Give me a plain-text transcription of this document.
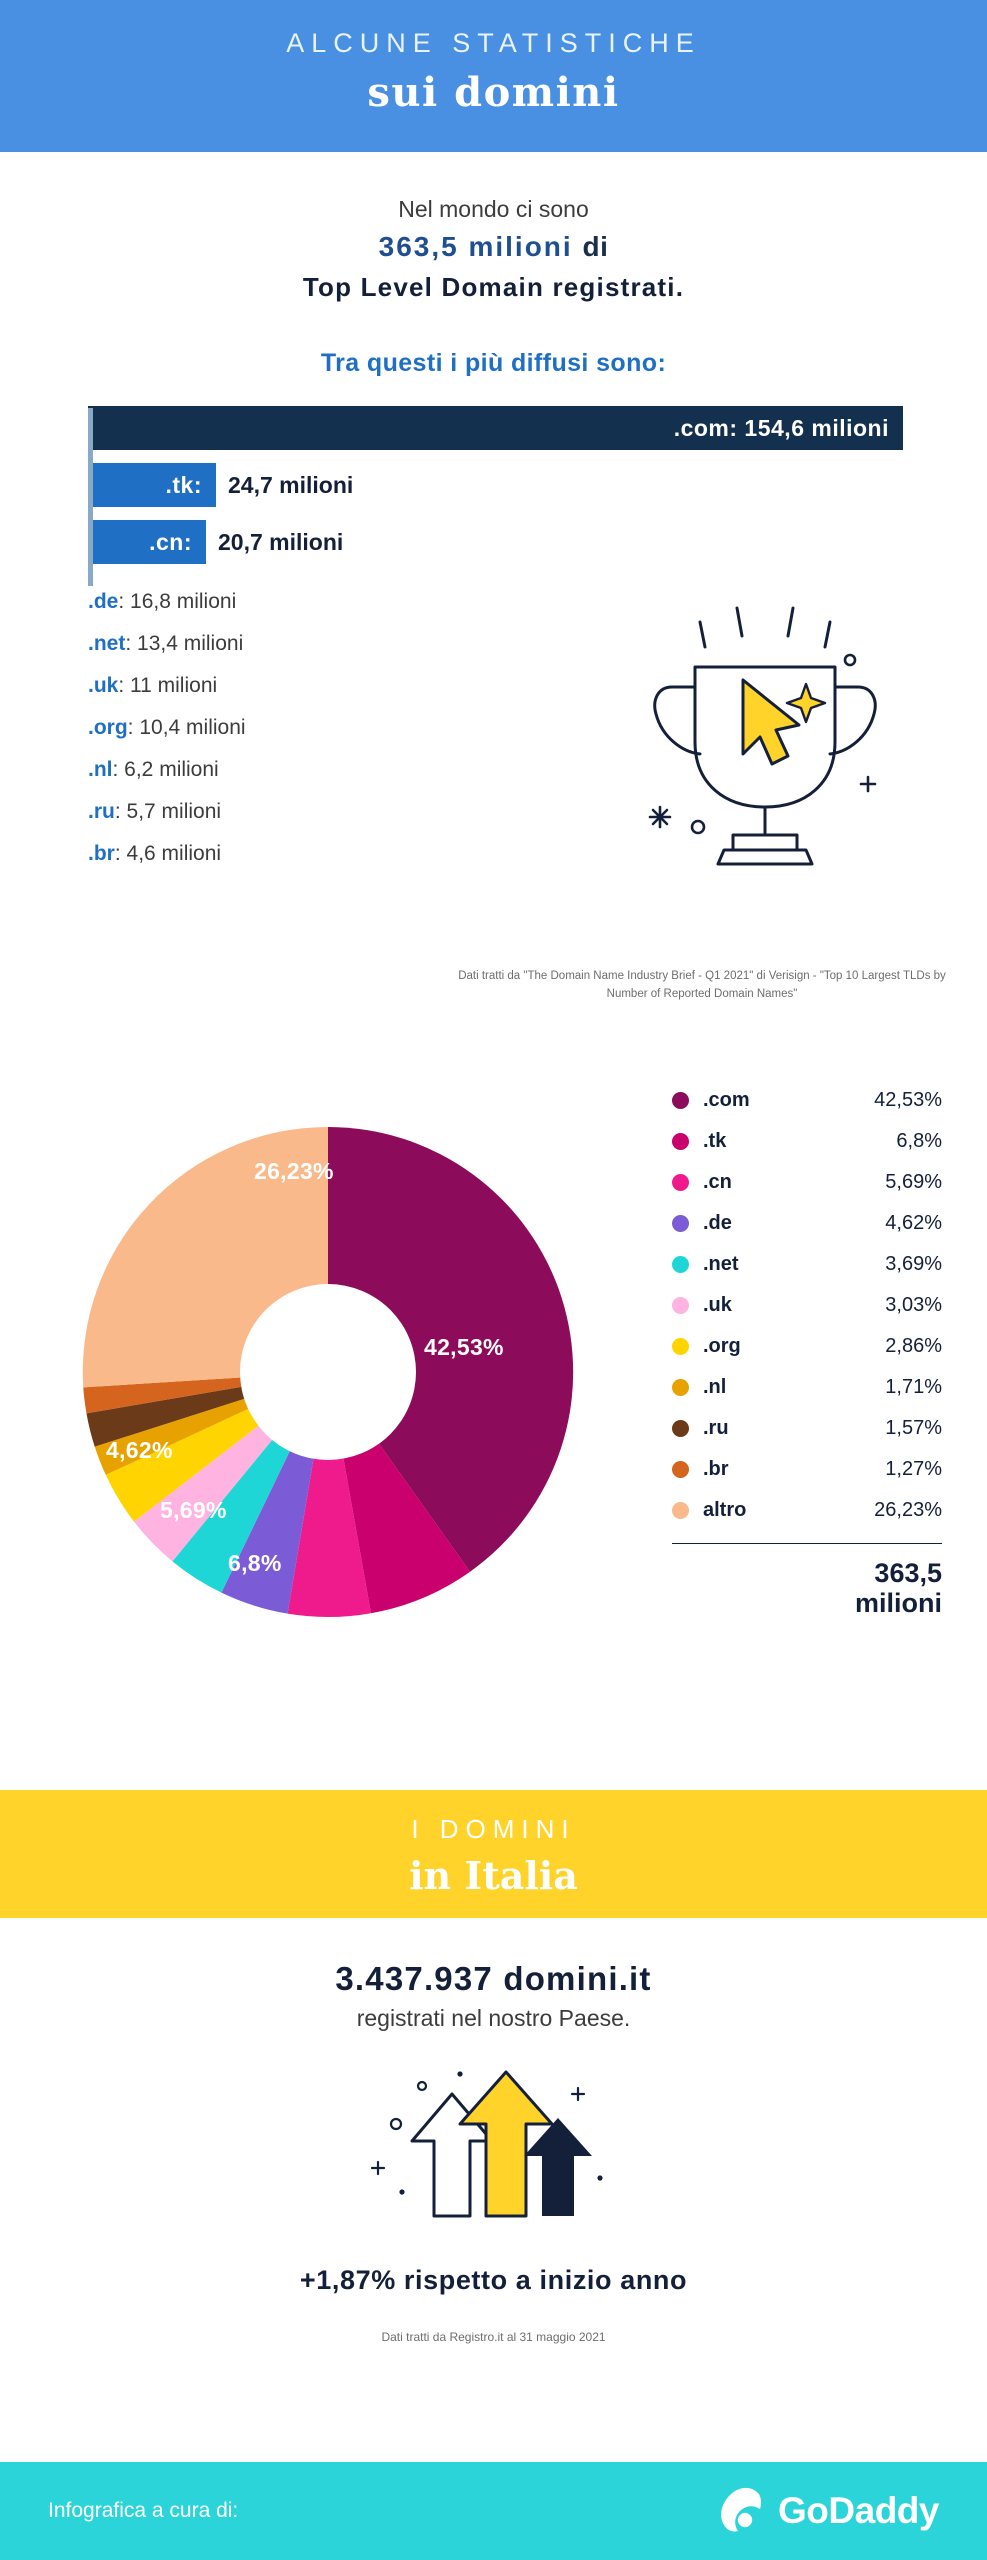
ALCUNE STATISTICHE
sui domini
Nel mondo ci sono
363,5 milioni di
Top Level Domain registrati.
Tra questi i più diffusi sono:
.com: 154,6 milioni
.tk:	24,7 milioni
.cn:	20,7 milioni
.de: 16,8 milioni
.net: 13,4 milioni
.uk: 11 milioni
.org: 10,4 milioni
.nl: 6,2 milioni
.ru: 5,7 milioni
.br: 4,6 milioni
Dati tratti da "The Domain Name Industry Brief - Q1 2021" di Verisign - "Top 10 Largest TLDs by Number of Reported Domain Names"
42,53%
6,8%
5,69%
4,62%
26,23%
.com	42,53%
.tk	6,8%
.cn	5,69%
.de	4,62%
.net	3,69%
.uk	3,03%
.org	2,86%
.nl	1,71%
.ru	1,57%
.br	1,27%
altro	26,23%
363,5
milioni
I DOMINI
in Italia
3.437.937 domini.it
registrati nel nostro Paese.
+1,87% rispetto a inizio anno
Dati tratti da Registro.it al 31 maggio 2021
Infografica a cura di:	GoDaddy
